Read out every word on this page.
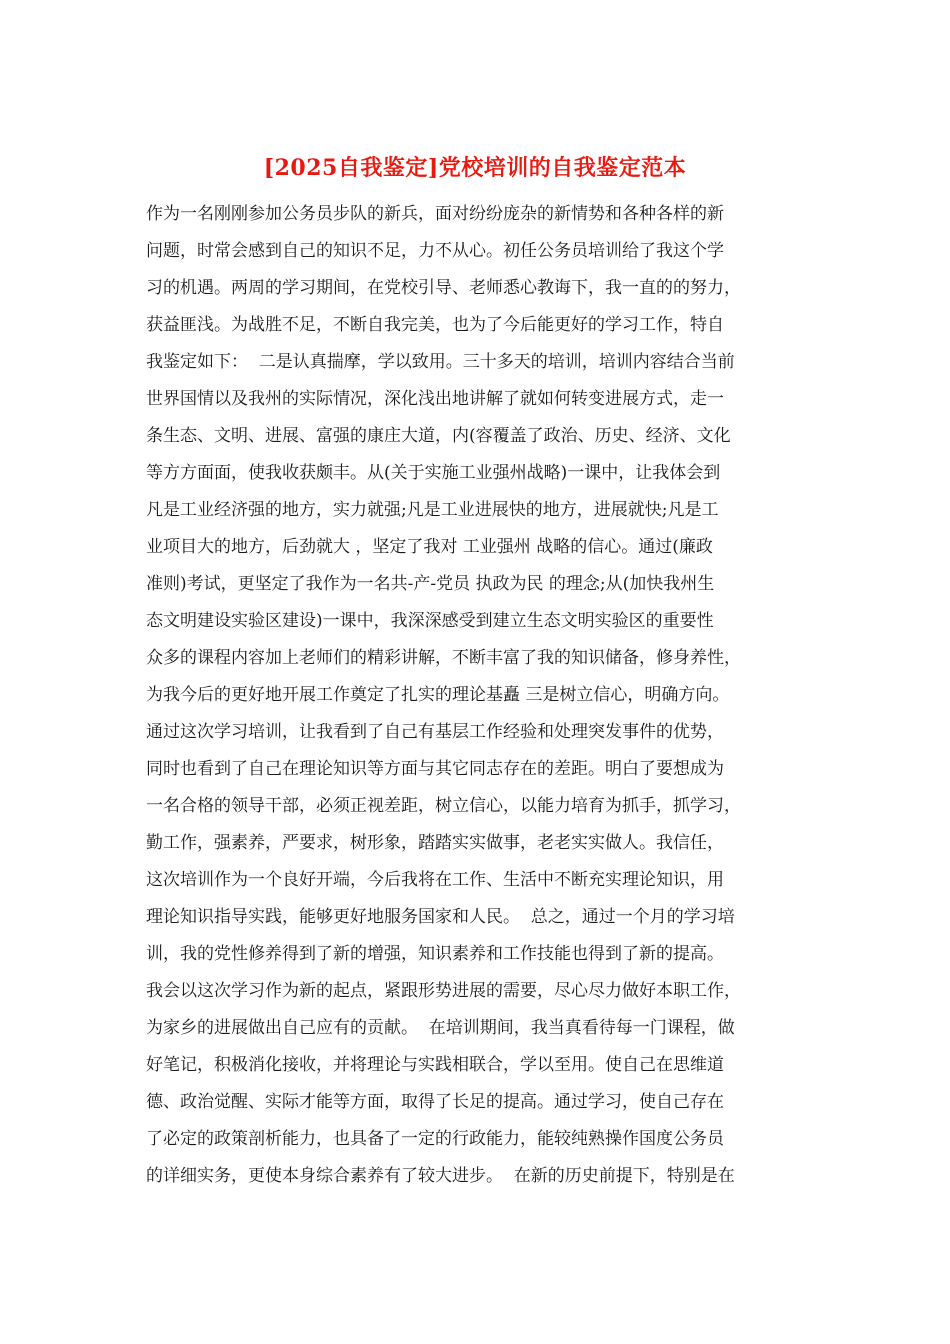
[2025自我鉴定]党校培训的自我鉴定范本
作为一名刚刚参加公务员步队的新兵，面对纷纷庞杂的新情势和各种各样的新
问题，时常会感到自己的知识不足，力不从心。初任公务员培训给了我这个学
习的机遇。两周的学习期间，在党校引导、老师悉心教诲下，我一直的的努力，
获益匪浅。为战胜不足，不断自我完美，也为了今后能更好的学习工作，特自
我鉴定如下：  二是认真揣摩，学以致用。三十多天的培训，培训内容结合当前
世界国情以及我州的实际情况，深化浅出地讲解了就如何转变进展方式，走一
条生态、文明、进展、富强的康庄大道，内(容覆盖了政治、历史、经济、文化
等方方面面，使我收获颇丰。从(关于实施工业强州战略)一课中，让我体会到
凡是工业经济强的地方，实力就强;凡是工业进展快的地方，进展就快;凡是工
业项目大的地方，后劲就大 ，坚定了我对 工业强州 战略的信心。通过(廉政
准则)考试，更坚定了我作为一名共-产-党员 执政为民 的理念;从(加快我州生
态文明建设实验区建设)一课中，我深深感受到建立生态文明实验区的重要性
众多的课程内容加上老师们的精彩讲解，不断丰富了我的知识储备，修身养性，
为我今后的更好地开展工作奠定了扎实的理论基矗 三是树立信心，明确方向。
通过这次学习培训，让我看到了自己有基层工作经验和处理突发事件的优势，
同时也看到了自己在理论知识等方面与其它同志存在的差距。明白了要想成为
一名合格的领导干部，必须正视差距，树立信心，以能力培育为抓手，抓学习，
勤工作，强素养，严要求，树形象，踏踏实实做事，老老实实做人。我信任，
这次培训作为一个良好开端，今后我将在工作、生活中不断充实理论知识，用
理论知识指导实践，能够更好地服务国家和人民。  总之，通过一个月的学习培
训，我的党性修养得到了新的增强，知识素养和工作技能也得到了新的提高。
我会以这次学习作为新的起点，紧跟形势进展的需要，尽心尽力做好本职工作，
为家乡的进展做出自己应有的贡献。  在培训期间，我当真看待每一门课程，做
好笔记，积极消化接收，并将理论与实践相联合，学以至用。使自己在思维道
德、政治觉醒、实际才能等方面，取得了长足的提高。通过学习，使自己存在
了必定的政策剖析能力，也具备了一定的行政能力，能较纯熟操作国度公务员
的详细实务，更使本身综合素养有了较大进步。  在新的历史前提下，特别是在
